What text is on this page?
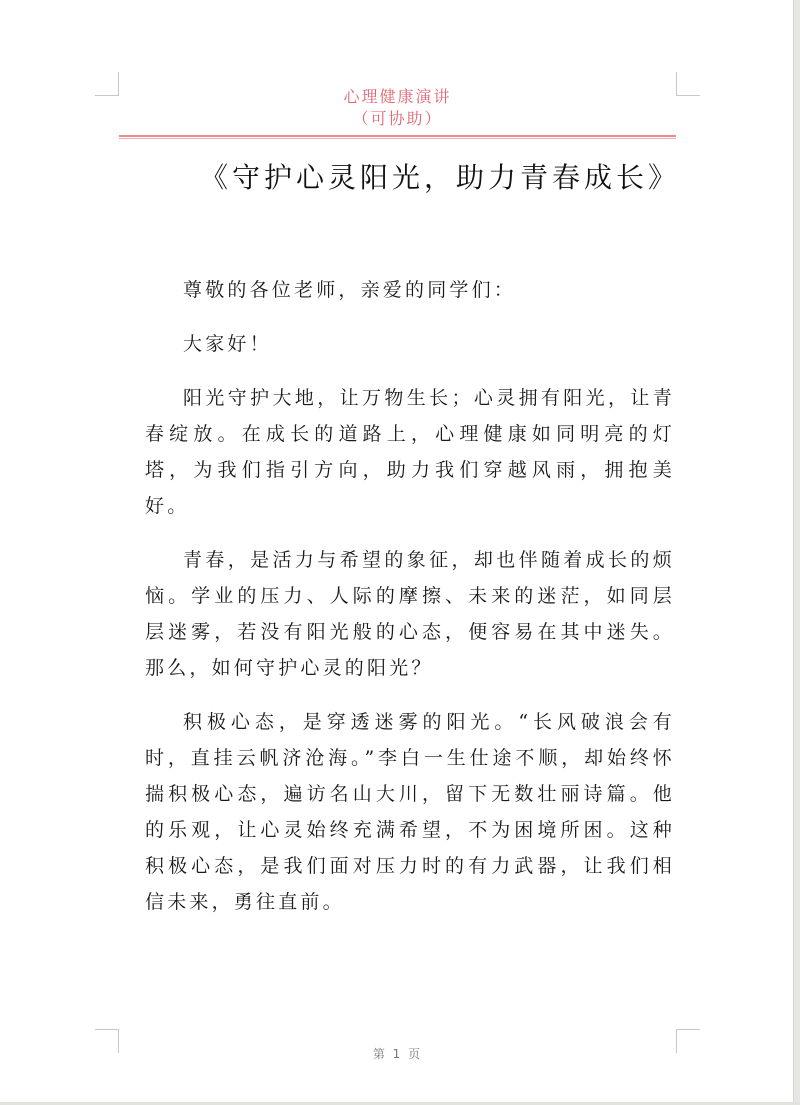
心理健康演讲
（可协助）
《守护心灵阳光，助力青春成长》

尊敬的各位老师，亲爱的同学们：

大家好！

阳光守护大地，让万物生长；心灵拥有阳光，让青春绽放。在成长的道路上，心理健康如同明亮的灯塔，为我们指引方向，助力我们穿越风雨，拥抱美好。

青春，是活力与希望的象征，却也伴随着成长的烦恼。学业的压力、人际的摩擦、未来的迷茫，如同层层迷雾，若没有阳光般的心态，便容易在其中迷失。那么，如何守护心灵的阳光？

积极心态，是穿透迷雾的阳光。“长风破浪会有时，直挂云帆济沧海。”李白一生仕途不顺，却始终怀揣积极心态，遍访名山大川，留下无数壮丽诗篇。他的乐观，让心灵始终充满希望，不为困境所困。这种积极心态，是我们面对压力时的有力武器，让我们相信未来，勇往直前。

第 1 页
